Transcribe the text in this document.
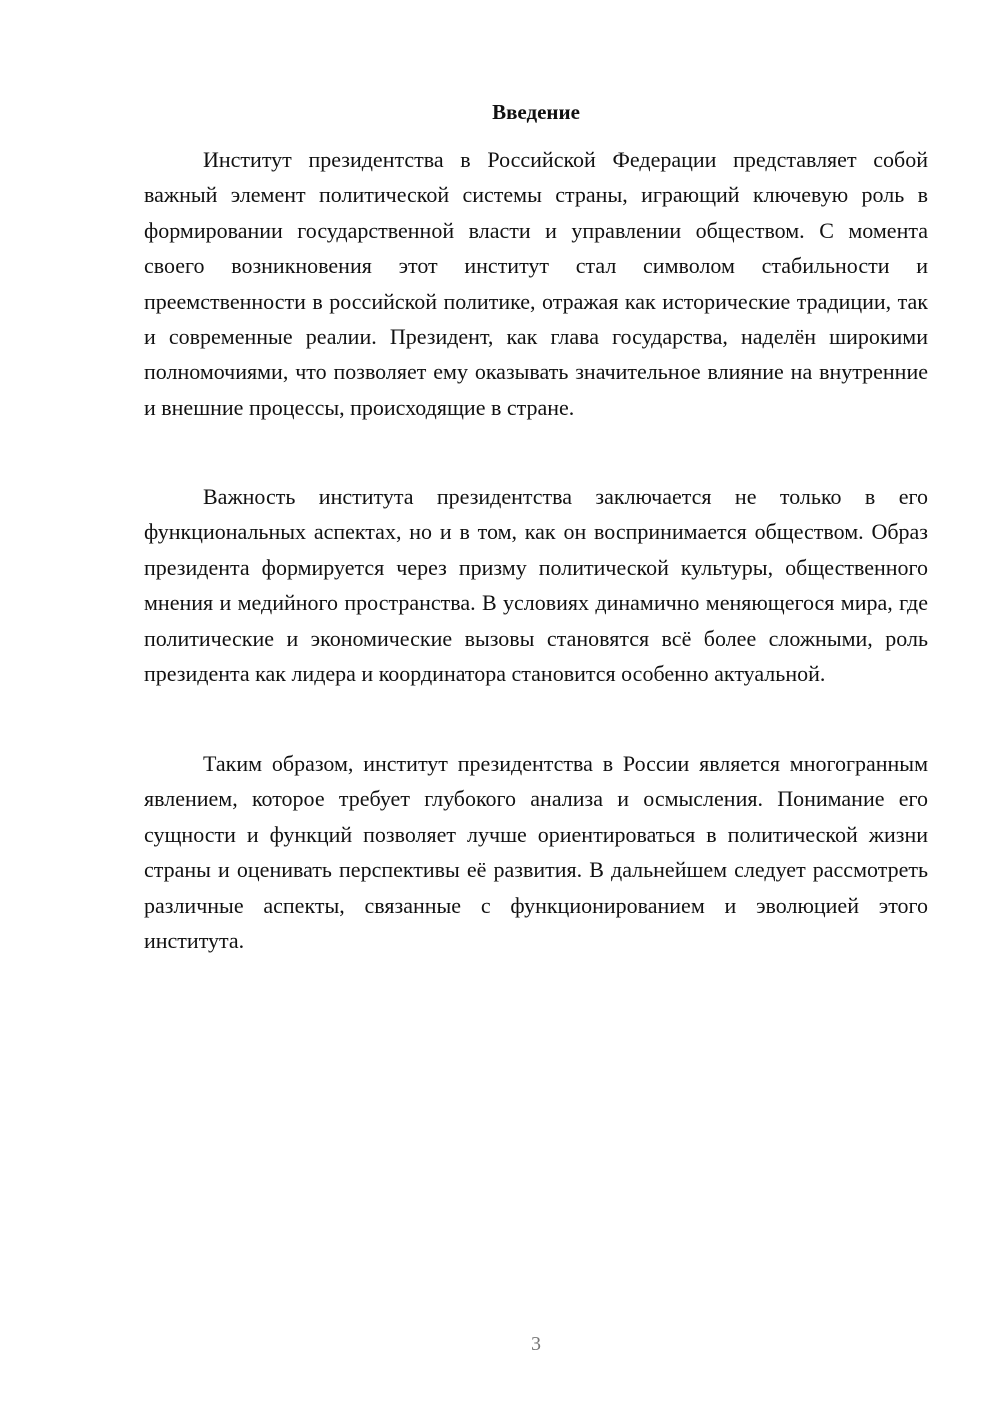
Введение

Институт президентства в Российской Федерации представляет собой важный элемент политической системы страны, играющий ключевую роль в формировании государственной власти и управлении обществом. С момента своего возникновения этот институт стал символом стабильности и преемственности в российской политике, отражая как исторические традиции, так и современные реалии. Президент, как глава государства, наделён широкими полномочиями, что позволяет ему оказывать значительное влияние на внутренние и внешние процессы, происходящие в стране.

Важность института президентства заключается не только в его функциональных аспектах, но и в том, как он воспринимается обществом. Образ президента формируется через призму политической культуры, общественного мнения и медийного пространства. В условиях динамично меняющегося мира, где политические и экономические вызовы становятся всё более сложными, роль президента как лидера и координатора становится особенно актуальной.

Таким образом, институт президентства в России является многогранным явлением, которое требует глубокого анализа и осмысления. Понимание его сущности и функций позволяет лучше ориентироваться в политической жизни страны и оценивать перспективы её развития. В дальнейшем следует рассмотреть различные аспекты, связанные с функционированием и эволюцией этого института.

3
